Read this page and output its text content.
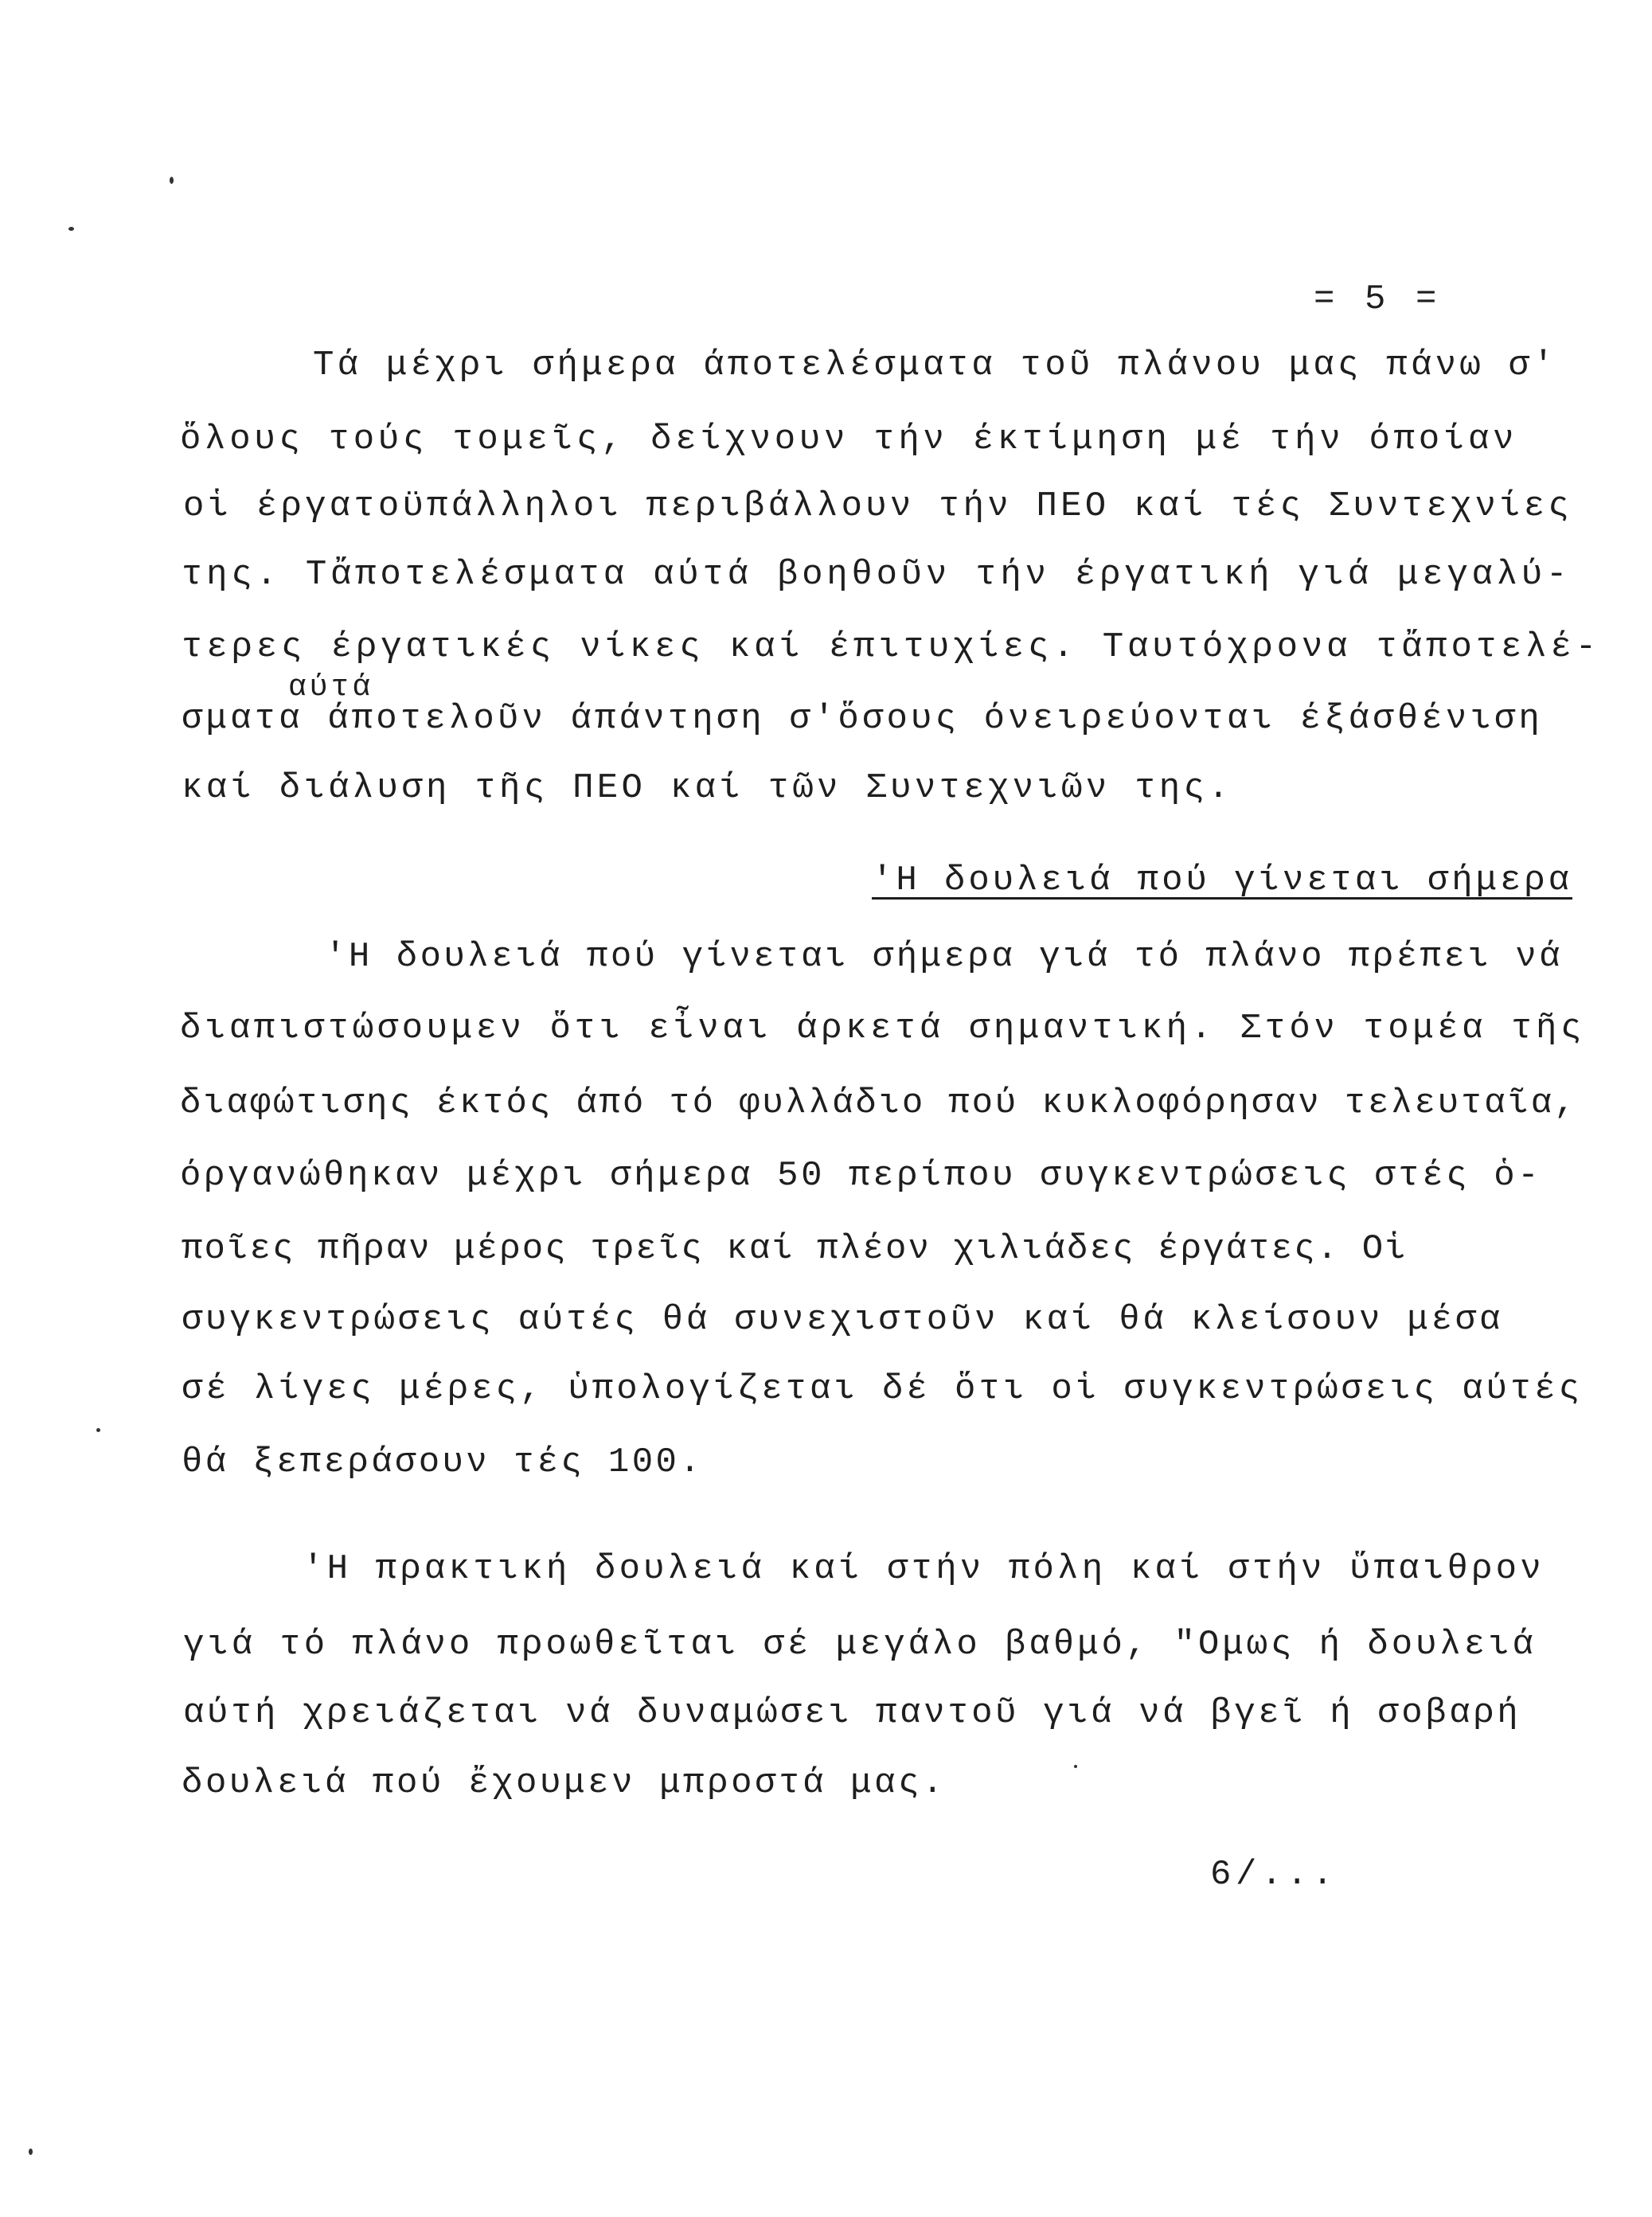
= 5 =
Τά μέχρι σήμερα άποτελέσματα τοῦ πλάνου μας πάνω σ'
ὅλους τούς τομεῖς, δείχνουν τήν έκτίμηση μέ τήν όποίαν
οἱ έργατοϋπάλληλοι περιβάλλουν τήν ΠΕΟ καί τές Συντεχνίες
της. Τἄποτελέσματα αύτά βοηθοῦν τήν έργατική γιά μεγαλύ-
τερες έργατικές νίκες καί έπιτυχίες. Ταυτόχρονα τἄποτελέ-
αύτά
σματα άποτελοῦν άπάντηση σ'ὅσους όνειρεύονται έξάσθένιση
καί διάλυση τῆς ΠΕΟ καί τῶν Συντεχνιῶν της.
'Η δουλειά πού γίνεται σήμερα
'Η δουλειά πού γίνεται σήμερα γιά τό πλάνο πρέπει νά
διαπιστώσουμεν ὅτι εἶναι άρκετά σημαντική. Στόν τομέα τῆς
διαφώτισης έκτός άπό τό φυλλάδιο πού κυκλοφόρησαν τελευταῖα,
όργανώθηκαν μέχρι σήμερα 50 περίπου συγκεντρώσεις στές ὁ-
ποῖες πῆραν μέρος τρεῖς καί πλέον χιλιάδες έργάτες. Οἱ
συγκεντρώσεις αύτές θά συνεχιστοῦν καί θά κλείσουν μέσα
σέ λίγες μέρες, ὑπολογίζεται δέ ὅτι οἱ συγκεντρώσεις αύτές
θά ξεπεράσουν τές 100.
'Η πρακτική δουλειά καί στήν πόλη καί στήν ὕπαιθρον
γιά τό πλάνο προωθεῖται σέ μεγάλο βαθμό, "Ομως ή δουλειά
αύτή χρειάζεται νά δυναμώσει παντοῦ γιά νά βγεῖ ή σοβαρή
δουλειά πού ἔχουμεν μπροστά μας.
6/...
